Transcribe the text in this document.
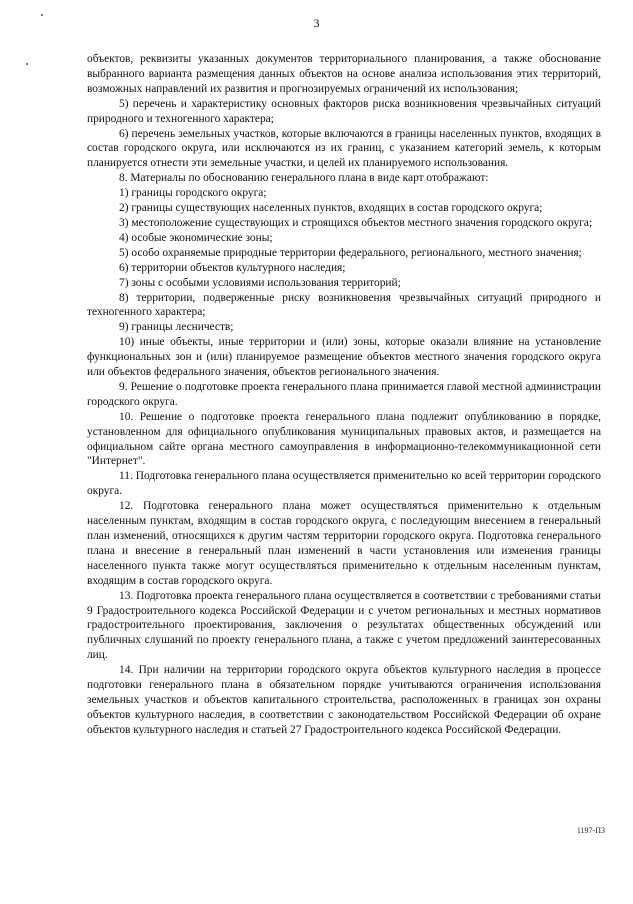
3

объектов, реквизиты указанных документов территориального планирования, а также обоснование выбранного варианта размещения данных объектов на основе анализа использования этих территорий, возможных направлений их развития и прогнозируемых ограничений их использования;

5) перечень и характеристику основных факторов риска возникновения чрезвычайных ситуаций природного и техногенного характера;

6) перечень земельных участков, которые включаются в границы населенных пунктов, входящих в состав городского округа, или исключаются из их границ, с указанием категорий земель, к которым планируется отнести эти земельные участки, и целей их планируемого использования.

8. Материалы по обоснованию генерального плана в виде карт отображают:

1) границы городского округа;

2) границы существующих населенных пунктов, входящих в состав городского округа;

3) местоположение существующих и строящихся объектов местного значения городского округа;

4) особые экономические зоны;

5) особо охраняемые природные территории федерального, регионального, местного значения;

6) территории объектов культурного наследия;

7) зоны с особыми условиями использования территорий;

8) территории, подверженные риску возникновения чрезвычайных ситуаций природного и техногенного характера;

9) границы лесничеств;

10) иные объекты, иные территории и (или) зоны, которые оказали влияние на установление функциональных зон и (или) планируемое размещение объектов местного значения городского округа или объектов федерального значения, объектов регионального значения.

9. Решение о подготовке проекта генерального плана принимается главой местной администрации городского округа.

10. Решение о подготовке проекта генерального плана подлежит опубликованию в порядке, установленном для официального опубликования муниципальных правовых актов, и размещается на официальном сайте органа местного самоуправления в информационно-телекоммуникационной сети "Интернет".

11. Подготовка генерального плана осуществляется применительно ко всей территории городского округа.

12. Подготовка генерального плана может осуществляться применительно к отдельным населенным пунктам, входящим в состав городского округа, с последующим внесением в генеральный план изменений, относящихся к другим частям территории городского округа. Подготовка генерального плана и внесение в генеральный план изменений в части установления или изменения границы населенного пункта также могут осуществляться применительно к отдельным населенным пунктам, входящим в состав городского округа.

13. Подготовка проекта генерального плана осуществляется в соответствии с требованиями статьи 9 Градостроительного кодекса Российской Федерации и с учетом региональных и местных нормативов градостроительного проектирования, заключения о результатах общественных обсуждений или публичных слушаний по проекту генерального плана, а также с учетом предложений заинтересованных лиц.

14. При наличии на территории городского округа объектов культурного наследия в процессе подготовки генерального плана в обязательном порядке учитываются ограничения использования земельных участков и объектов капитального строительства, расположенных в границах зон охраны объектов культурного наследия, в соответствии с законодательством Российской Федерации об охране объектов культурного наследия и статьей 27 Градостроительного кодекса Российской Федерации.

1197-ПЗ
